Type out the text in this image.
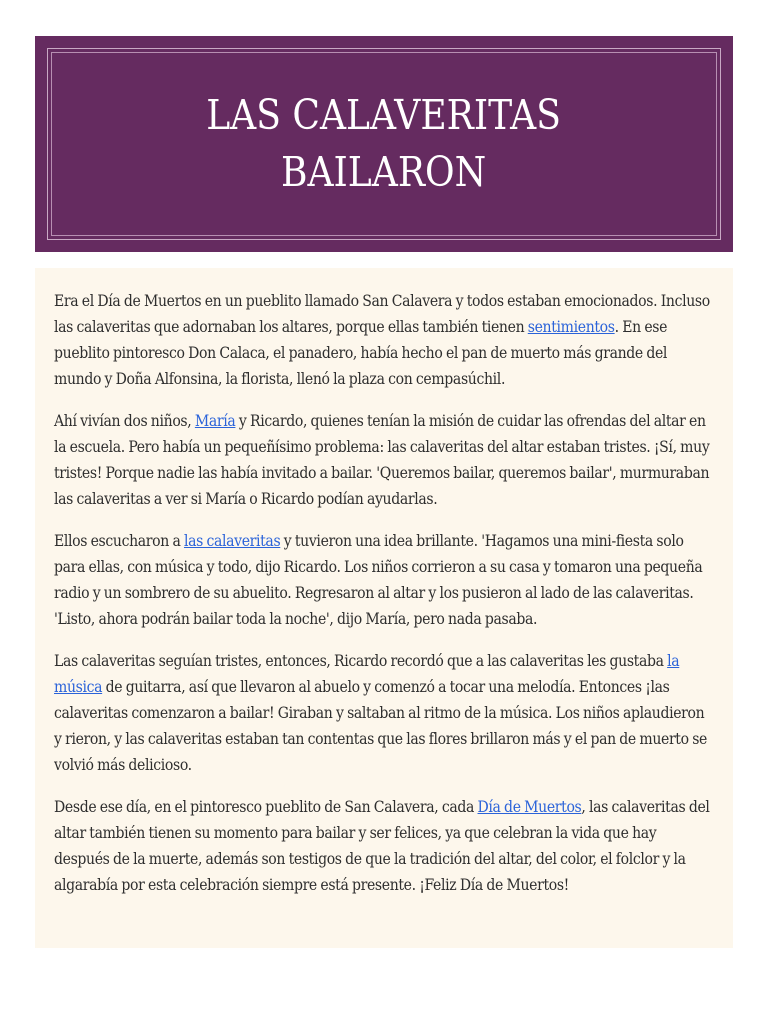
LAS CALAVERITAS
BAILARON

Era el Día de Muertos en un pueblito llamado San Calavera y todos estaban emocionados. Incluso las calaveritas que adornaban los altares, porque ellas también tienen sentimientos. En ese pueblito pintoresco Don Calaca, el panadero, había hecho el pan de muerto más grande del mundo y Doña Alfonsina, la florista, llenó la plaza con cempasúchil.

Ahí vivían dos niños, María y Ricardo, quienes tenían la misión de cuidar las ofrendas del altar en la escuela. Pero había un pequeñísimo problema: las calaveritas del altar estaban tristes. ¡Sí, muy tristes! Porque nadie las había invitado a bailar. 'Queremos bailar, queremos bailar', murmuraban las calaveritas a ver si María o Ricardo podían ayudarlas.

Ellos escucharon a las calaveritas y tuvieron una idea brillante. 'Hagamos una mini-fiesta solo para ellas, con música y todo, dijo Ricardo. Los niños corrieron a su casa y tomaron una pequeña radio y un sombrero de su abuelito. Regresaron al altar y los pusieron al lado de las calaveritas. 'Listo, ahora podrán bailar toda la noche', dijo María, pero nada pasaba.

Las calaveritas seguían tristes, entonces, Ricardo recordó que a las calaveritas les gustaba la música de guitarra, así que llevaron al abuelo y comenzó a tocar una melodía. Entonces ¡las calaveritas comenzaron a bailar! Giraban y saltaban al ritmo de la música. Los niños aplaudieron y rieron, y las calaveritas estaban tan contentas que las flores brillaron más y el pan de muerto se volvió más delicioso.

Desde ese día, en el pintoresco pueblito de San Calavera, cada Día de Muertos, las calaveritas del altar también tienen su momento para bailar y ser felices, ya que celebran la vida que hay después de la muerte, además son testigos de que la tradición del altar, del color, el folclor y la algarabía por esta celebración siempre está presente. ¡Feliz Día de Muertos!
